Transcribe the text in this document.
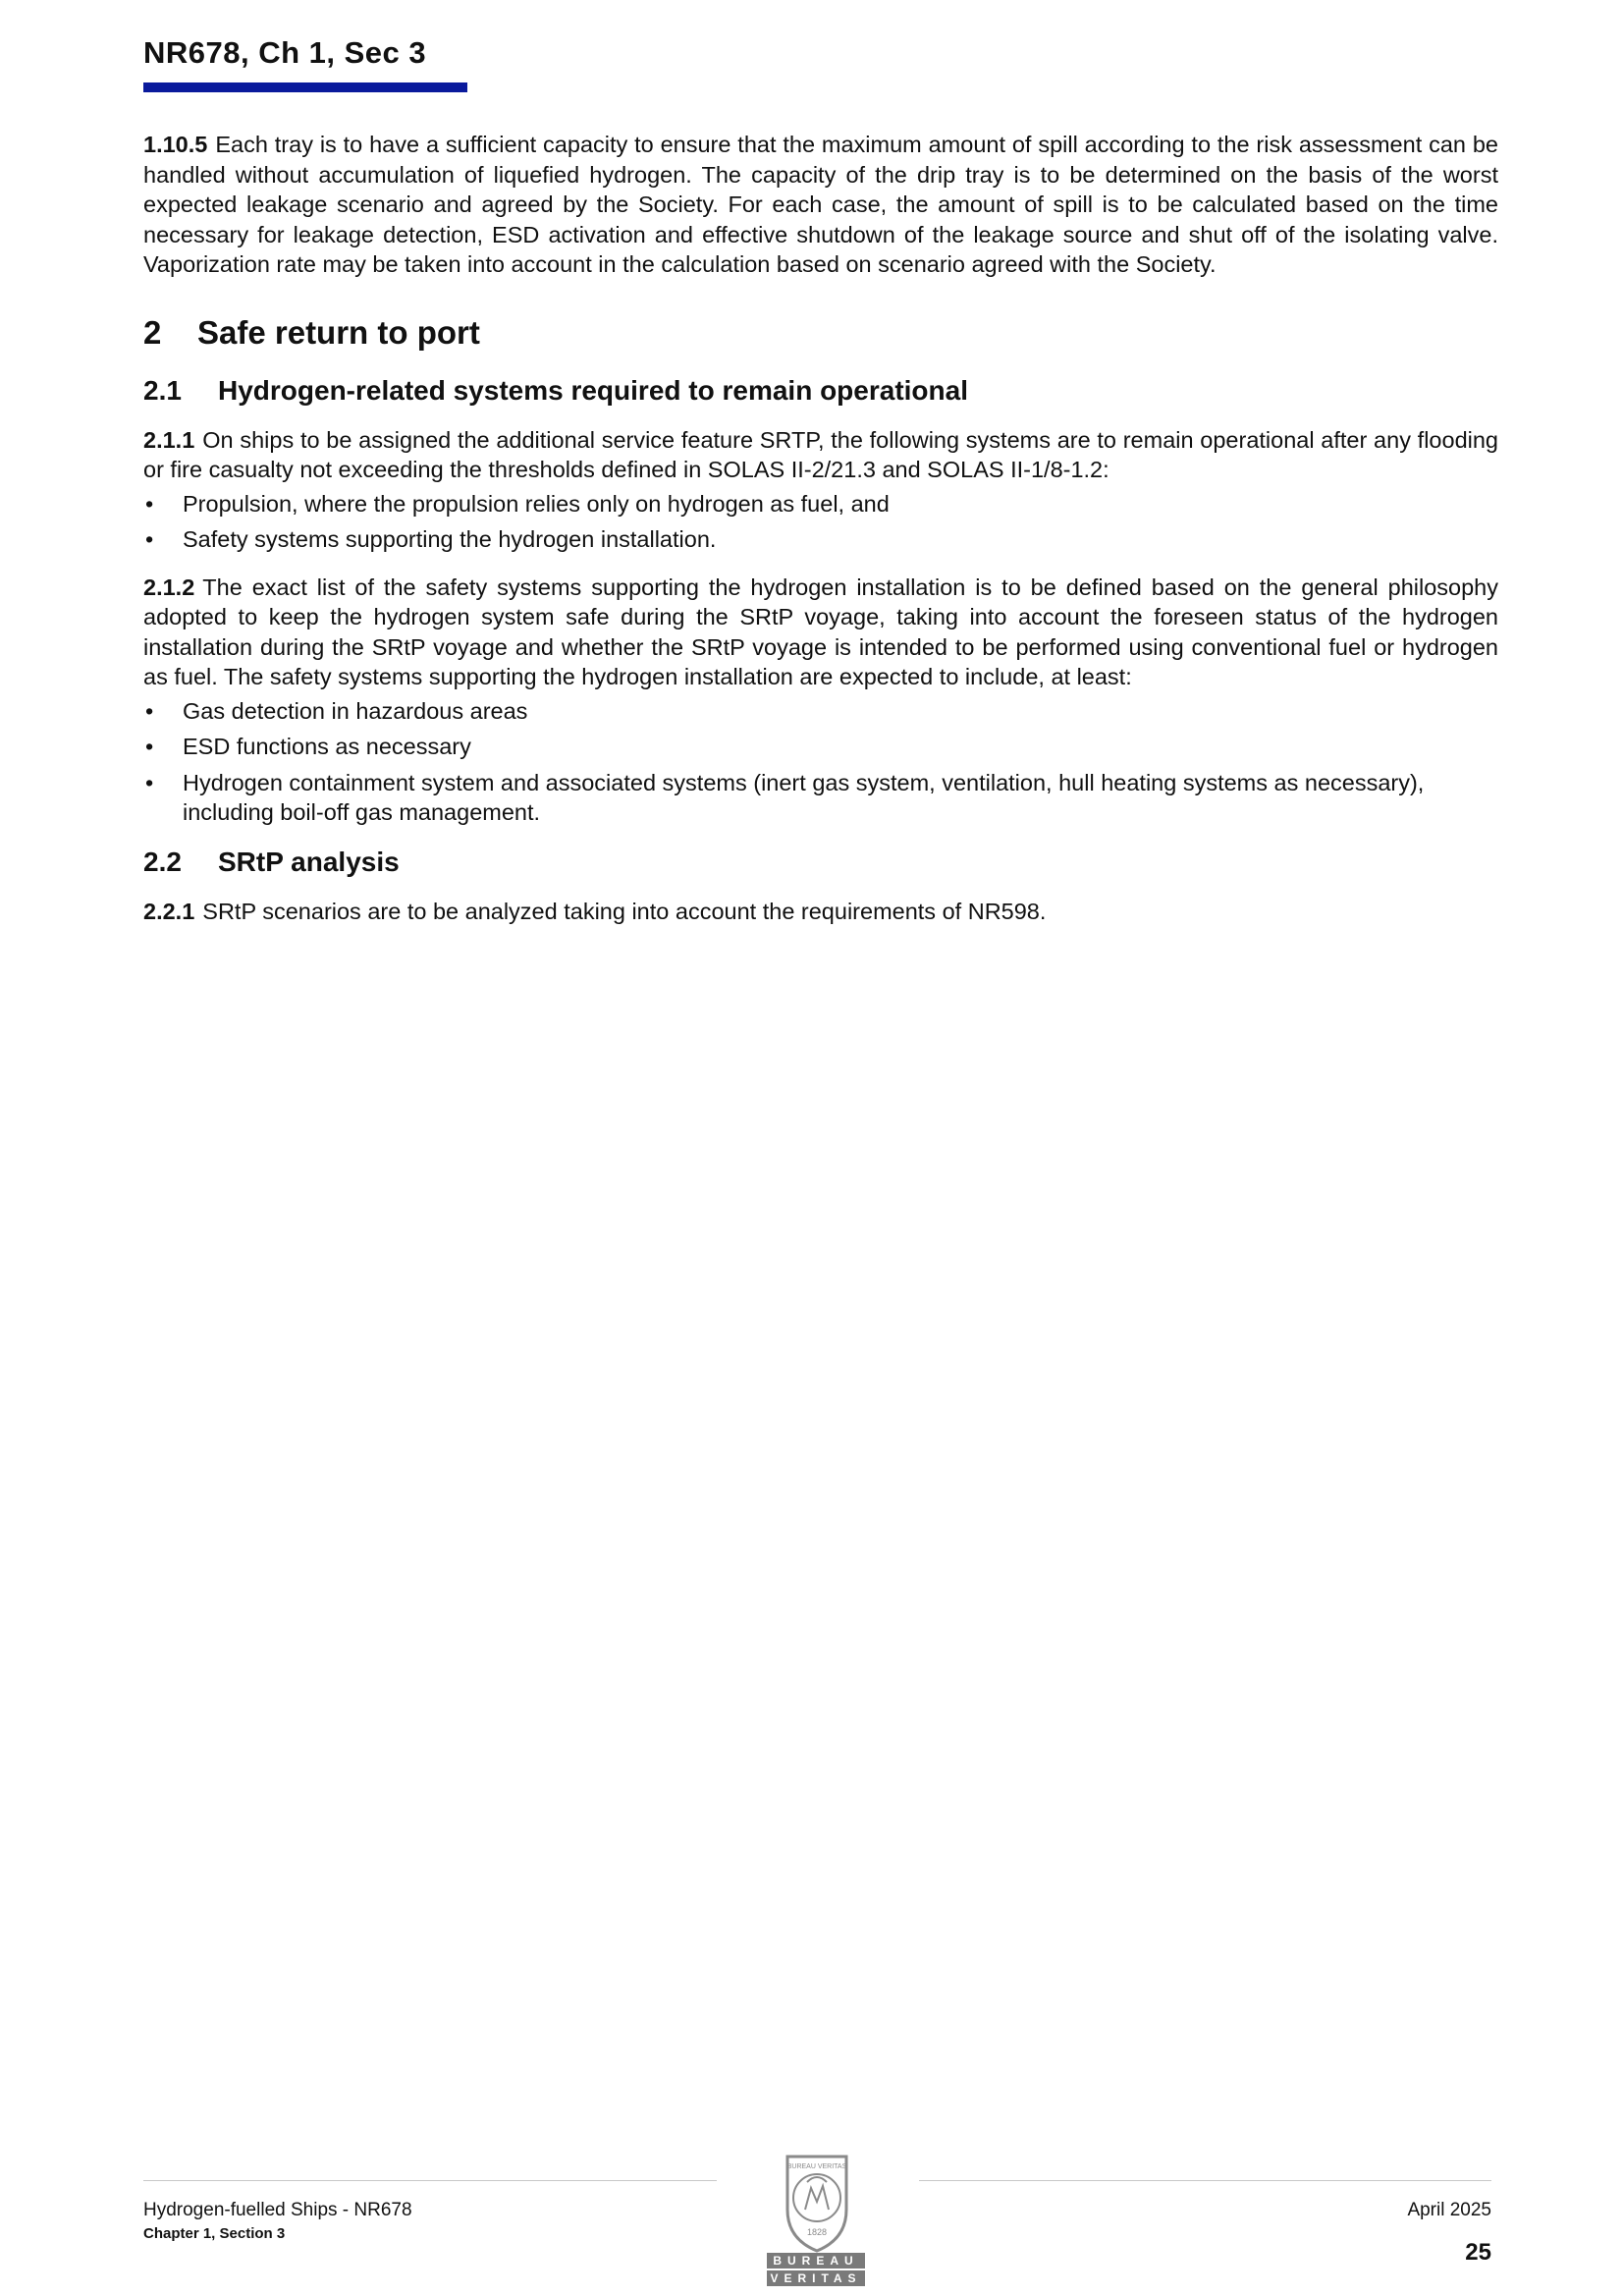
NR678, Ch 1, Sec 3

1.10.5 Each tray is to have a sufficient capacity to ensure that the maximum amount of spill according to the risk assessment can be handled without accumulation of liquefied hydrogen. The capacity of the drip tray is to be determined on the basis of the worst expected leakage scenario and agreed by the Society. For each case, the amount of spill is to be calculated based on the time necessary for leakage detection, ESD activation and effective shutdown of the leakage source and shut off of the isolating valve. Vaporization rate may be taken into account in the calculation based on scenario agreed with the Society.

2 Safe return to port
2.1 Hydrogen-related systems required to remain operational

2.1.1 On ships to be assigned the additional service feature SRTP, the following systems are to remain operational after any flooding or fire casualty not exceeding the thresholds defined in SOLAS II-2/21.3 and SOLAS II-1/8-1.2:

• Propulsion, where the propulsion relies only on hydrogen as fuel, and
• Safety systems supporting the hydrogen installation.

2.1.2 The exact list of the safety systems supporting the hydrogen installation is to be defined based on the general philosophy adopted to keep the hydrogen system safe during the SRtP voyage, taking into account the foreseen status of the hydrogen installation during the SRtP voyage and whether the SRtP voyage is intended to be performed using conventional fuel or hydrogen as fuel. The safety systems supporting the hydrogen installation are expected to include, at least:

• Gas detection in hazardous areas
• ESD functions as necessary
• Hydrogen containment system and associated systems (inert gas system, ventilation, hull heating systems as necessary), including boil-off gas management.
2.2 SRtP analysis

2.2.1 SRtP scenarios are to be analyzed taking into account the requirements of NR598.

Hydrogen-fuelled Ships - NR678
Chapter 1, Section 3
April 2025
25
BUREAU VERITAS
1828
BUREAU
VERITAS
